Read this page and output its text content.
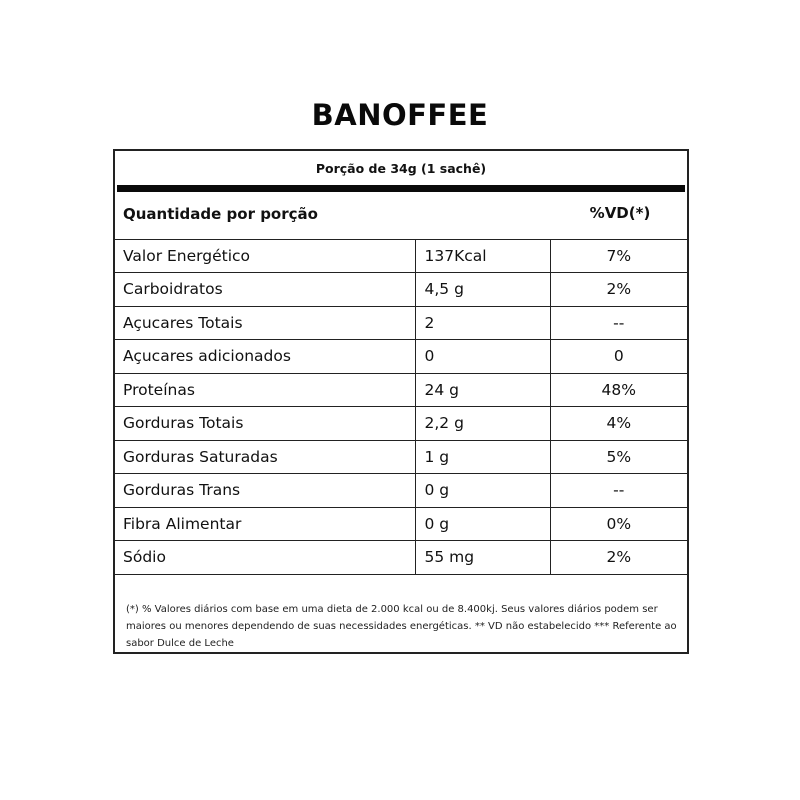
BANOFFEE
Porção de 34g (1 sachê)
Quantidade por porção	%VD(*)
Valor Energético	137Kcal	7%
Carboidratos	4,5 g	2%
Açucares Totais	2	--
Açucares adicionados	0	0
Proteínas	24 g	48%
Gorduras Totais	2,2 g	4%
Gorduras Saturadas	1 g	5%
Gorduras Trans	0 g	--
Fibra Alimentar	0 g	0%
Sódio	55 mg	2%
(*) % Valores diários com base em uma dieta de 2.000 kcal ou de 8.400kj. Seus valores diários podem ser maiores ou menores dependendo de suas necessidades energéticas. ** VD não estabelecido *** Referente ao sabor Dulce de Leche
